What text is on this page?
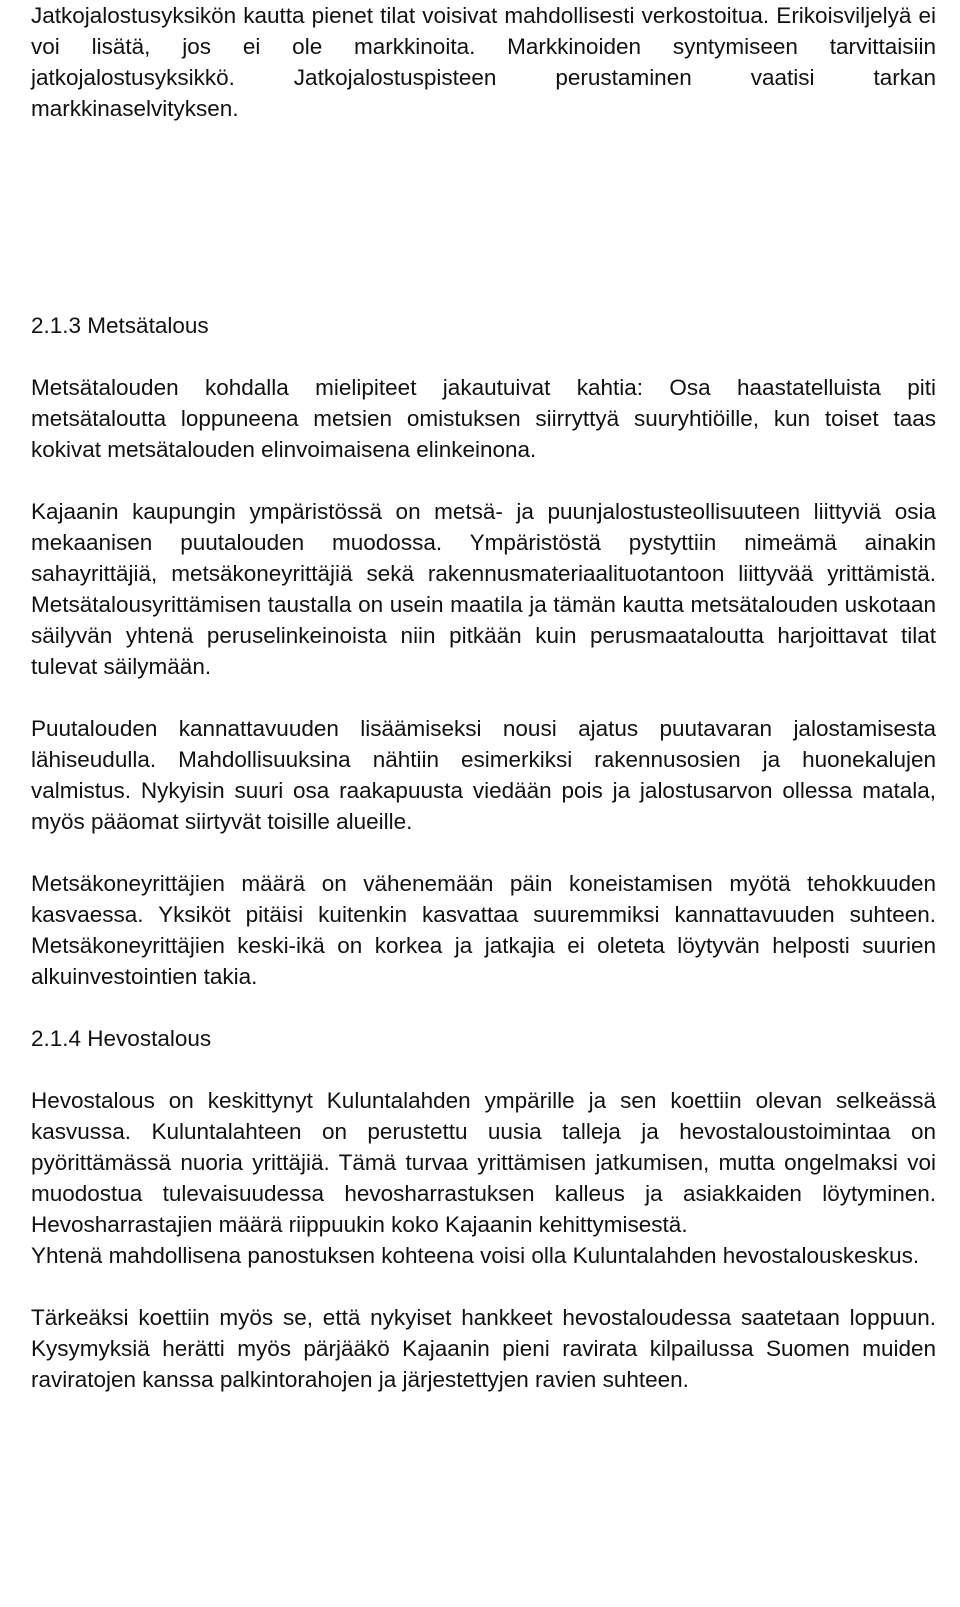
Jatkojalostusyksikön kautta pienet tilat voisivat mahdollisesti verkostoitua. Erikoisviljelyä ei voi lisätä, jos ei ole markkinoita. Markkinoiden syntymiseen tarvittaisiin jatkojalostusyksikkö. Jatkojalostuspisteen perustaminen vaatisi tarkan markkinaselvityksen.

2.1.3 Metsätalous

Metsätalouden kohdalla mielipiteet jakautuivat kahtia: Osa haastatelluista piti metsätaloutta loppuneena metsien omistuksen siirryttyä suuryhtiöille, kun toiset taas kokivat metsätalouden elinvoimaisena elinkeinona.

Kajaanin kaupungin ympäristössä on metsä- ja puunjalostusteollisuuteen liittyviä osia mekaanisen puutalouden muodossa. Ympäristöstä pystyttiin nimeämä ainakin sahayrittäjiä, metsäkoneyrittäjiä sekä rakennusmateriaalituotantoon liittyvää yrittämistä. Metsätalousyrittämisen taustalla on usein maatila ja tämän kautta metsätalouden uskotaan säilyvän yhtenä peruselinkeinoista niin pitkään kuin perusmaataloutta harjoittavat tilat tulevat säilymään.

Puutalouden kannattavuuden lisäämiseksi nousi ajatus puutavaran jalostamisesta lähiseudulla. Mahdollisuuksina nähtiin esimerkiksi rakennusosien ja huonekalujen valmistus. Nykyisin suuri osa raakapuusta viedään pois ja jalostusarvon ollessa matala, myös pääomat siirtyvät toisille alueille.

Metsäkoneyrittäjien määrä on vähenemään päin koneistamisen myötä tehokkuuden kasvaessa. Yksiköt pitäisi kuitenkin kasvattaa suuremmiksi kannattavuuden suhteen. Metsäkoneyrittäjien keski-ikä on korkea ja jatkajia ei oleteta löytyvän helposti suurien alkuinvestointien takia.

2.1.4 Hevostalous

Hevostalous on keskittynyt Kuluntalahden ympärille ja sen koettiin olevan selkeässä kasvussa. Kuluntalahteen on perustettu uusia talleja ja hevostaloustoimintaa on pyörittämässä nuoria yrittäjiä. Tämä turvaa yrittämisen jatkumisen, mutta ongelmaksi voi muodostua tulevaisuudessa hevosharrastuksen kalleus ja asiakkaiden löytyminen. Hevosharrastajien määrä riippuukin koko Kajaanin kehittymisestä.

Yhtenä mahdollisena panostuksen kohteena voisi olla Kuluntalahden hevostalouskeskus.

Tärkeäksi koettiin myös se, että nykyiset hankkeet hevostaloudessa saatetaan loppuun. Kysymyksiä herätti myös pärjääkö Kajaanin pieni ravirata kilpailussa Suomen muiden raviratojen kanssa palkintorahojen ja järjestettyjen ravien suhteen.
